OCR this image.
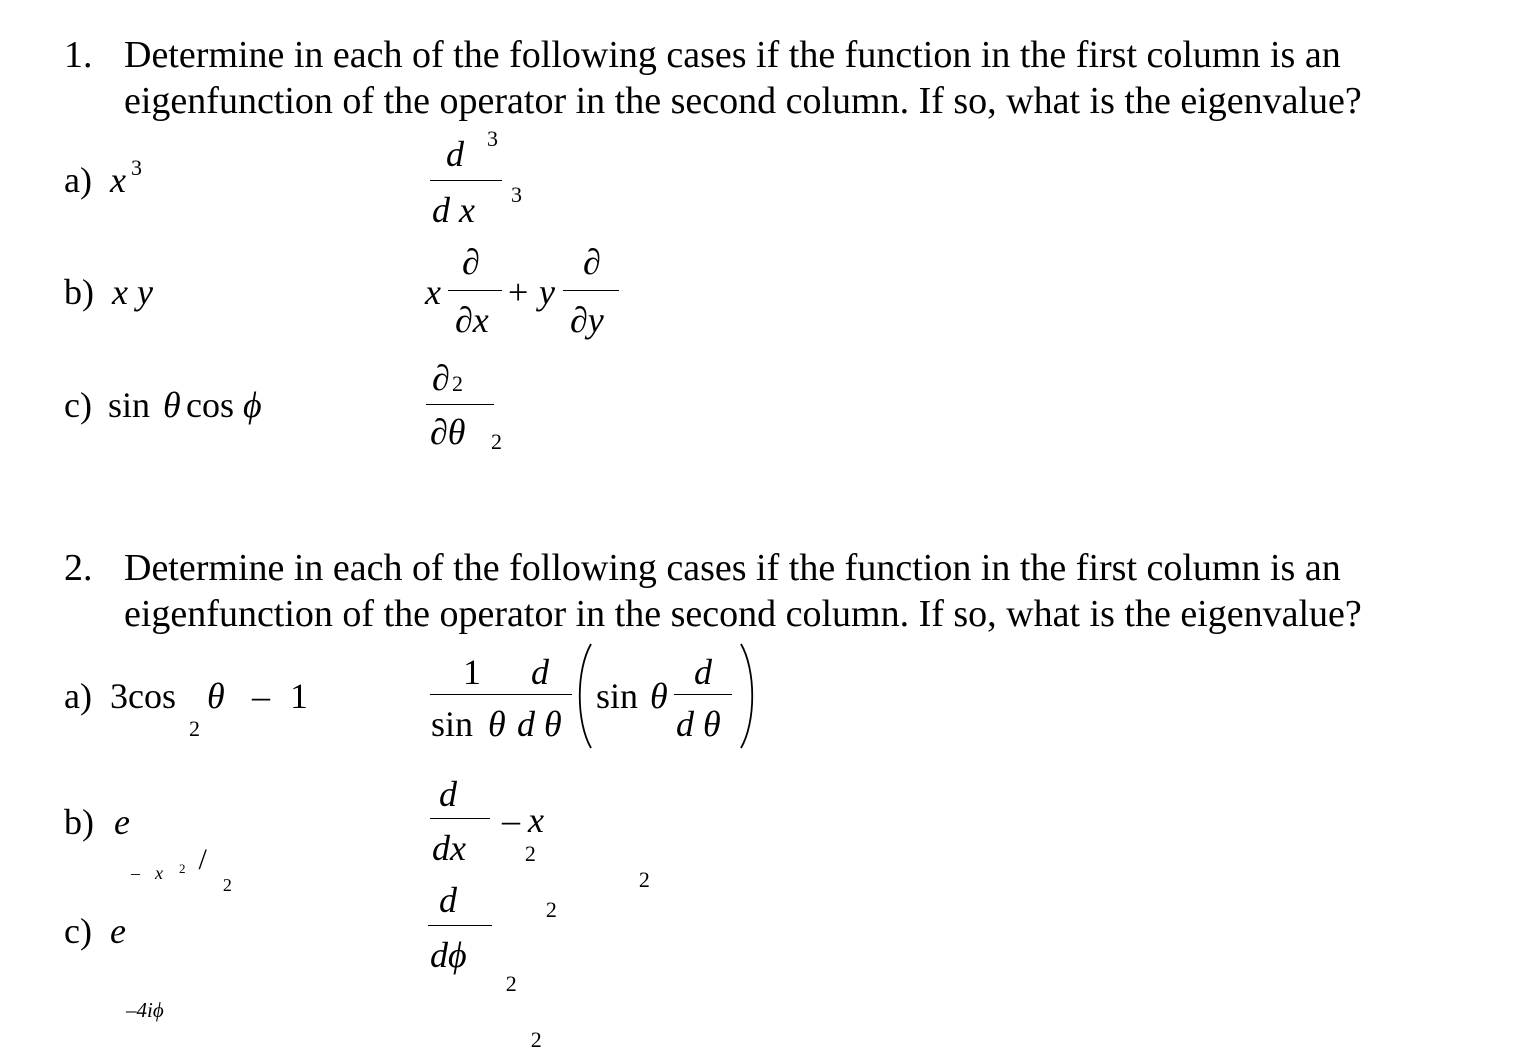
1. Determine in each of the following cases if the function in the first column is an
eigenfunction of the operator in the second column. If so, what is the eigenvalue?
a) x 3	d 3
d x 3
b) x y	x
∂
∂x
+ y
∂
∂y
c) sin θ cos ϕ
∂ 2
∂θ 2
2. Determine in each of the following cases if the function in the first column is an
eigenfunction of the operator in the second column. If so, what is the eigenvalue?
a) 3cos
2
θ – 1
1
sin θ
d
d θ
sin θ
d
d θ
b) e
– x $_2$ / 2
d
2
dx
2
– x
2
c) e
–4iϕ
d
2
dϕ
2
